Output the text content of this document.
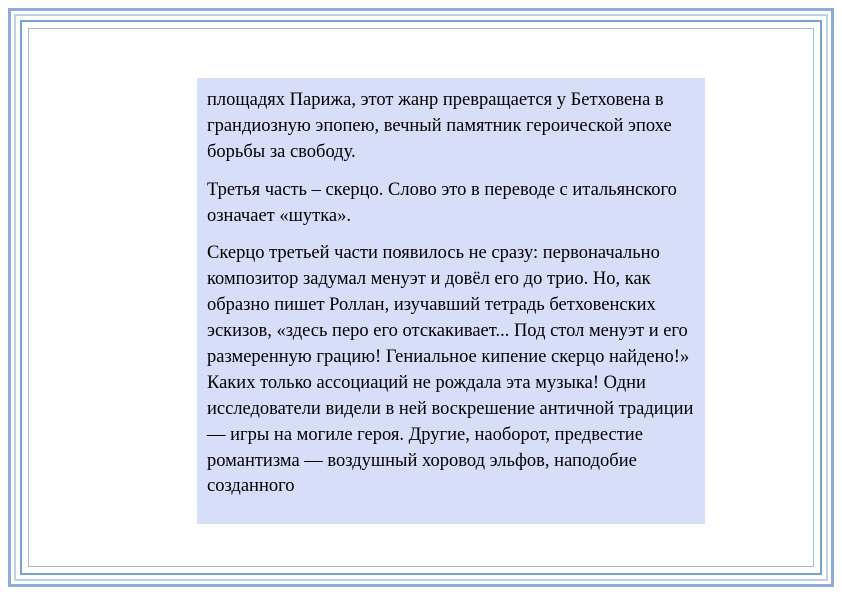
площадях Парижа, этот жанр превращается у Бетховена в грандиозную эпопею, вечный памятник героической эпохе борьбы за свободу.

Третья часть – скерцо. Слово это в переводе с итальянского означает «шутка».

Скерцо третьей части появилось не сразу: первоначально композитор задумал менуэт и довёл его до трио. Но, как образно пишет Роллан, изучавший тетрадь бетховенских эскизов, «здесь перо его отскакивает... Под стол менуэт и его размеренную грацию! Гениальное кипение скерцо найдено!» Каких только ассоциаций не рождала эта музыка! Одни исследователи видели в ней воскрешение античной традиции — игры на могиле героя. Другие, наоборот, предвестие романтизма — воздушный хоровод эльфов, наподобие созданного
